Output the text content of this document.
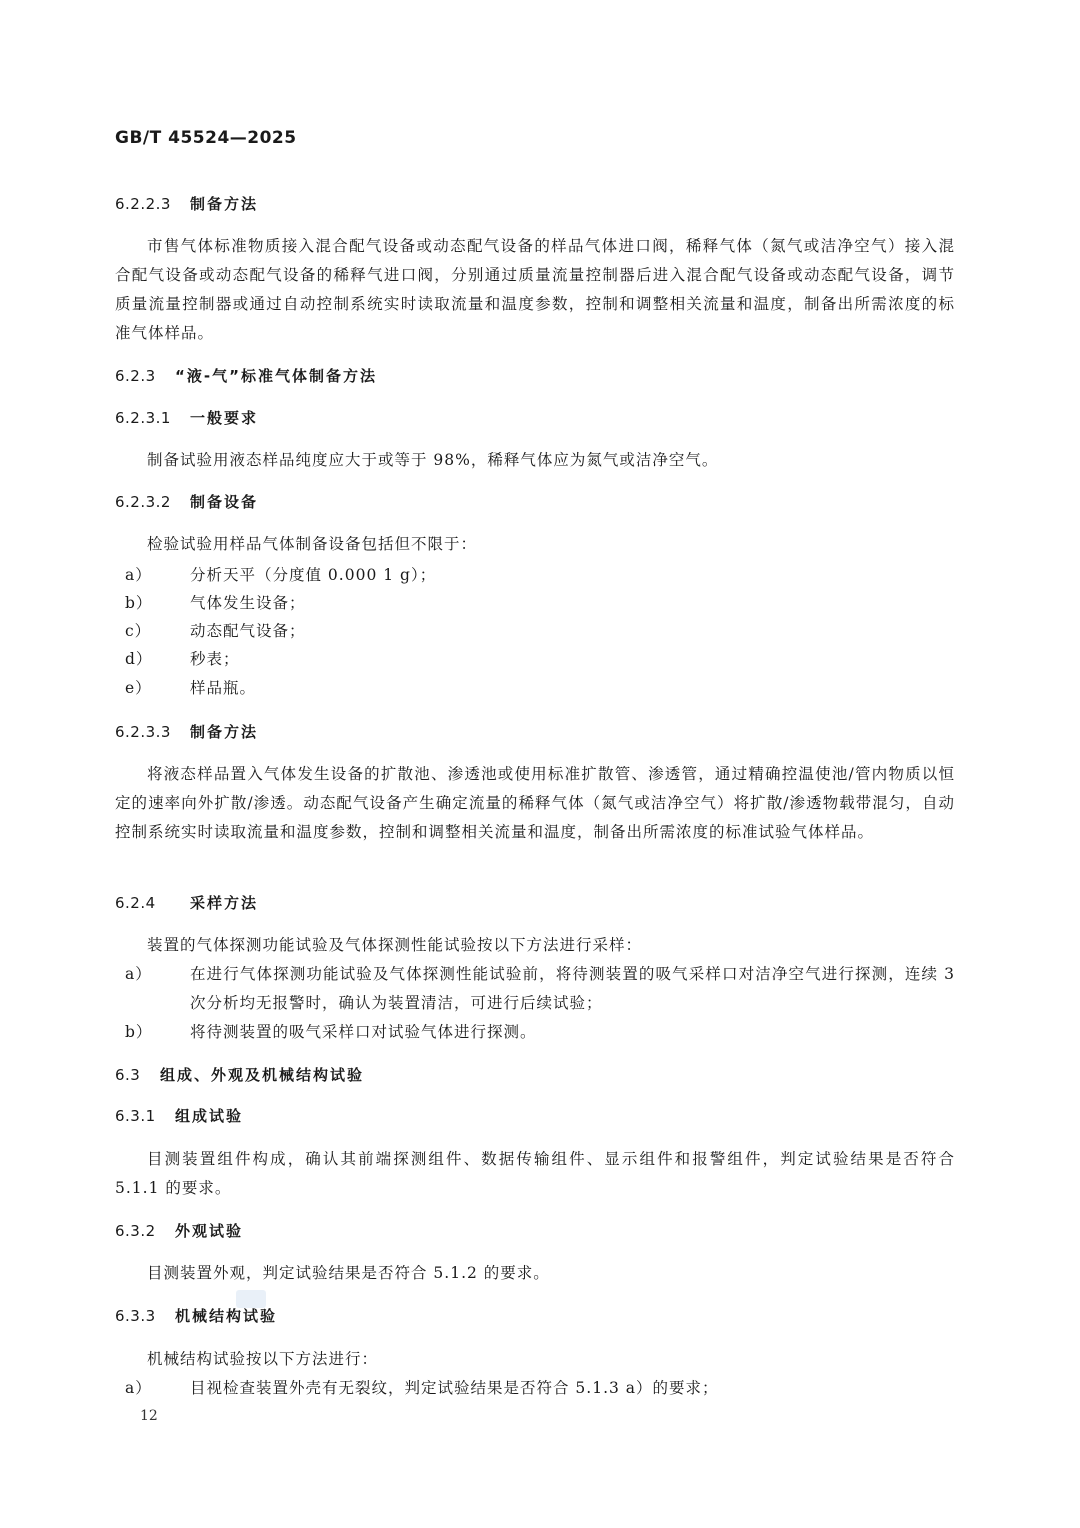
GB/T 45524—2025
6.2.2.3 制备方法
市售气体标准物质接入混合配气设备或动态配气设备的样品气体进口阀，稀释气体（氮气或洁净空气）接入混合配气设备或动态配气设备的稀释气进口阀，分别通过质量流量控制器后进入混合配气设备或动态配气设备，调节质量流量控制器或通过自动控制系统实时读取流量和温度参数，控制和调整相关流量和温度，制备出所需浓度的标准气体样品。
6.2.3 “液-气”标准气体制备方法
6.2.3.1 一般要求
制备试验用液态样品纯度应大于或等于 98%，稀释气体应为氮气或洁净空气。
6.2.3.2 制备设备
检验试验用样品气体制备设备包括但不限于：
a） 分析天平（分度值 0.000 1 g）；
b） 气体发生设备；
c）	动态配气设备；
d） 秒表；
e） 样品瓶。
6.2.3.3 制备方法
将液态样品置入气体发生设备的扩散池、渗透池或使用标准扩散管、渗透管，通过精确控温使池/管内物质以恒定的速率向外扩散/渗透。动态配气设备产生确定流量的稀释气体（氮气或洁净空气）将扩散/渗透物载带混匀，自动控制系统实时读取流量和温度参数，控制和调整相关流量和温度，制备出所需浓度的标准试验气体样品。
6.2.4 采样方法
装置的气体探测功能试验及气体探测性能试验按以下方法进行采样：
a） 在进行气体探测功能试验及气体探测性能试验前，将待测装置的吸气采样口对洁净空气进行探测，连续 3 次分析均无报警时，确认为装置清洁，可进行后续试验；
b） 将待测装置的吸气采样口对试验气体进行探测。
6.3 组成、外观及机械结构试验
6.3.1 组成试验
目测装置组件构成，确认其前端探测组件、数据传输组件、显示组件和报警组件，判定试验结果是否符合 5.1.1 的要求。
6.3.2 外观试验
目测装置外观，判定试验结果是否符合 5.1.2 的要求。
6.3.3 机械结构试验
机械结构试验按以下方法进行：
a） 目视检查装置外壳有无裂纹，判定试验结果是否符合 5.1.3 a）的要求；
12
